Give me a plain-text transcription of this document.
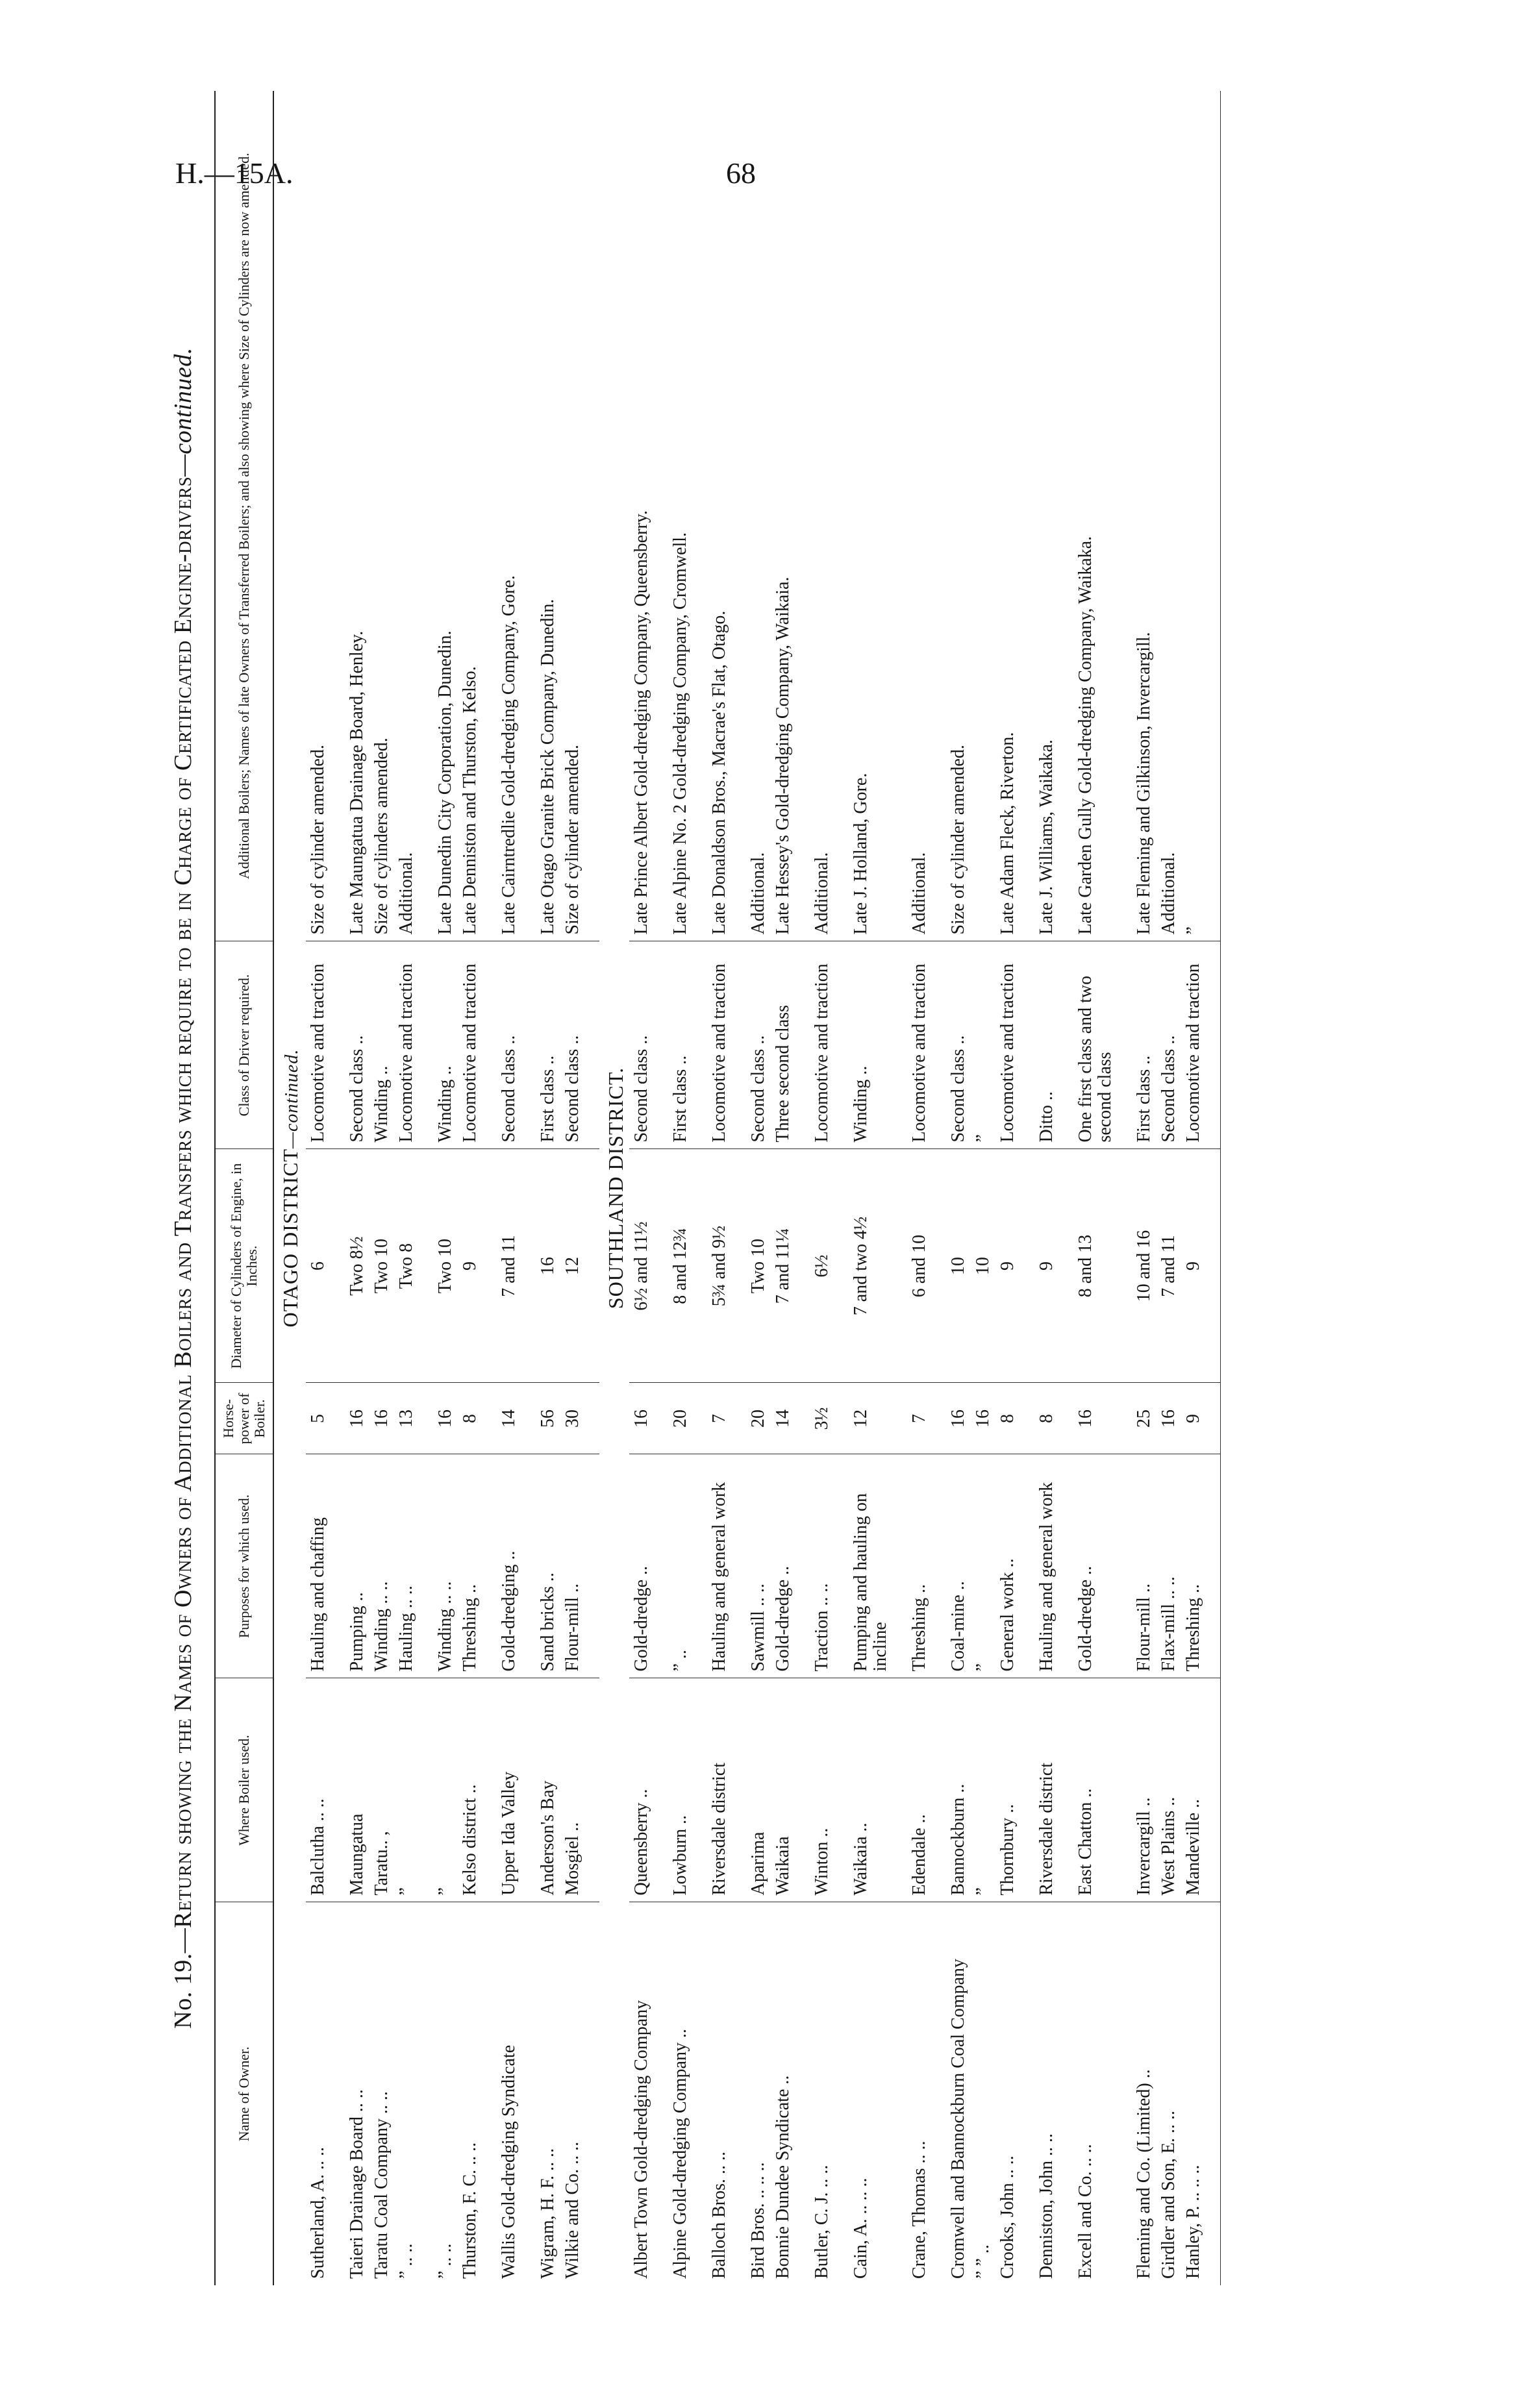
H.—15A.	68
No. 19.—Return showing the Names of Owners of Additional Boilers and Transfers which require to be in Charge of Certificated Engine-drivers—continued.
Name of Owner.	Where Boiler used.	Purposes for which used.	Horse-power of Boiler.	Diameter of Cylinders of Engine, in Inches.	Class of Driver required.	Additional Boilers; Names of late Owners of Transferred Boilers; and also showing where Size of Cylinders are now amended.
OTAGO DISTRICT—continued.						
Sutherland, A. .. ..	Balclutha .. ..	Hauling and chaffing	5	6	Locomotive and traction	Size of cylinder amended.

Taieri Drainage Board .. ..	Maungatua	Pumping ..	16	Two 8½	Second class ..	Late Maungatua Drainage Board, Henley.
Taratu Coal Company .. ..	Taratu.. ,	Winding .. ..	16	Two 10	Winding ..	Size of cylinders amended.
” .. ..	”	Hauling .. ..	13	Two 8	Locomotive and traction	Additional.

” .. ..	”	Winding .. ..	16	Two 10	Winding ..	Late Dunedin City Corporation, Dunedin.
Thurston, F. C. .. ..	Kelso district ..	Threshing ..	8	9	Locomotive and traction	Late Denniston and Thurston, Kelso.

Wallis Gold-dredging Syndicate	Upper Ida Valley	Gold-dredging ..	14	7 and 11	Second class ..	Late Cairntredlie Gold-dredging Company, Gore.

Wigram, H. F. .. ..	Anderson's Bay	Sand bricks ..	56	16	First class ..	Late Otago Granite Brick Company, Dunedin.
Wilkie and Co. .. ..	Mosgiel ..	Flour-mill ..	30	12	Second class ..	Size of cylinder amended.

SOUTHLAND DISTRICT.						
Albert Town Gold-dredging Company	Queensberry ..	Gold-dredge ..	16	6½ and 11½	Second class ..	Late Prince Albert Gold-dredging Company, Queensberry.

Alpine Gold-dredging Company ..	Lowburn ..	” ..	20	8 and 12¾	First class ..	Late Alpine No. 2 Gold-dredging Company, Cromwell.

Balloch Bros. .. ..	Riversdale district	Hauling and general work	7	5¾ and 9½	Locomotive and traction	Late Donaldson Bros., Macrae's Flat, Otago.

Bird Bros. .. .. ..	Aparima	Sawmill .. ..	20	Two 10	Second class ..	Additional.
Bonnie Dundee Syndicate ..	Waikaia	Gold-dredge ..	14	7 and 11¼	Three second class	Late Hessey's Gold-dredging Company, Waikaia.

Butler, C. J. .. ..	Winton ..	Traction .. ..	3½	6½	Locomotive and traction	Additional.

Cain, A. .. .. ..	Waikaia ..	Pumping and hauling on incline	12	7 and two 4½	Winding ..	Late J. Holland, Gore.

Crane, Thomas .. ..	Edendale ..	Threshing ..	7	6 and 10	Locomotive and traction	Additional.

Cromwell and Bannockburn Coal Company	Bannockburn ..	Coal-mine ..	16	10	Second class ..	Size of cylinder amended.
” ” ..	”	”	16	10	”	
Crooks, John .. ..	Thornbury ..	General work ..	8	9	Locomotive and traction	Late Adam Fleck, Riverton.

Denniston, John .. ..	Riversdale district	Hauling and general work	8	9	Ditto ..	Late J. Williams, Waikaka.

Excell and Co. .. ..	East Chatton ..	Gold-dredge ..	16	8 and 13	One first class and two second class	Late Garden Gully Gold-dredging Company, Waikaka.

Fleming and Co. (Limited) ..	Invercargill ..	Flour-mill ..	25	10 and 16	First class ..	Late Fleming and Gilkinson, Invercargill.
Girdler and Son, E. .. ..	West Plains ..	Flax-mill .. ..	16	7 and 11	Second class ..	Additional.
Hanley, P. .. .. ..	Mandeville ..	Threshing ..	9	9	Locomotive and traction	”
